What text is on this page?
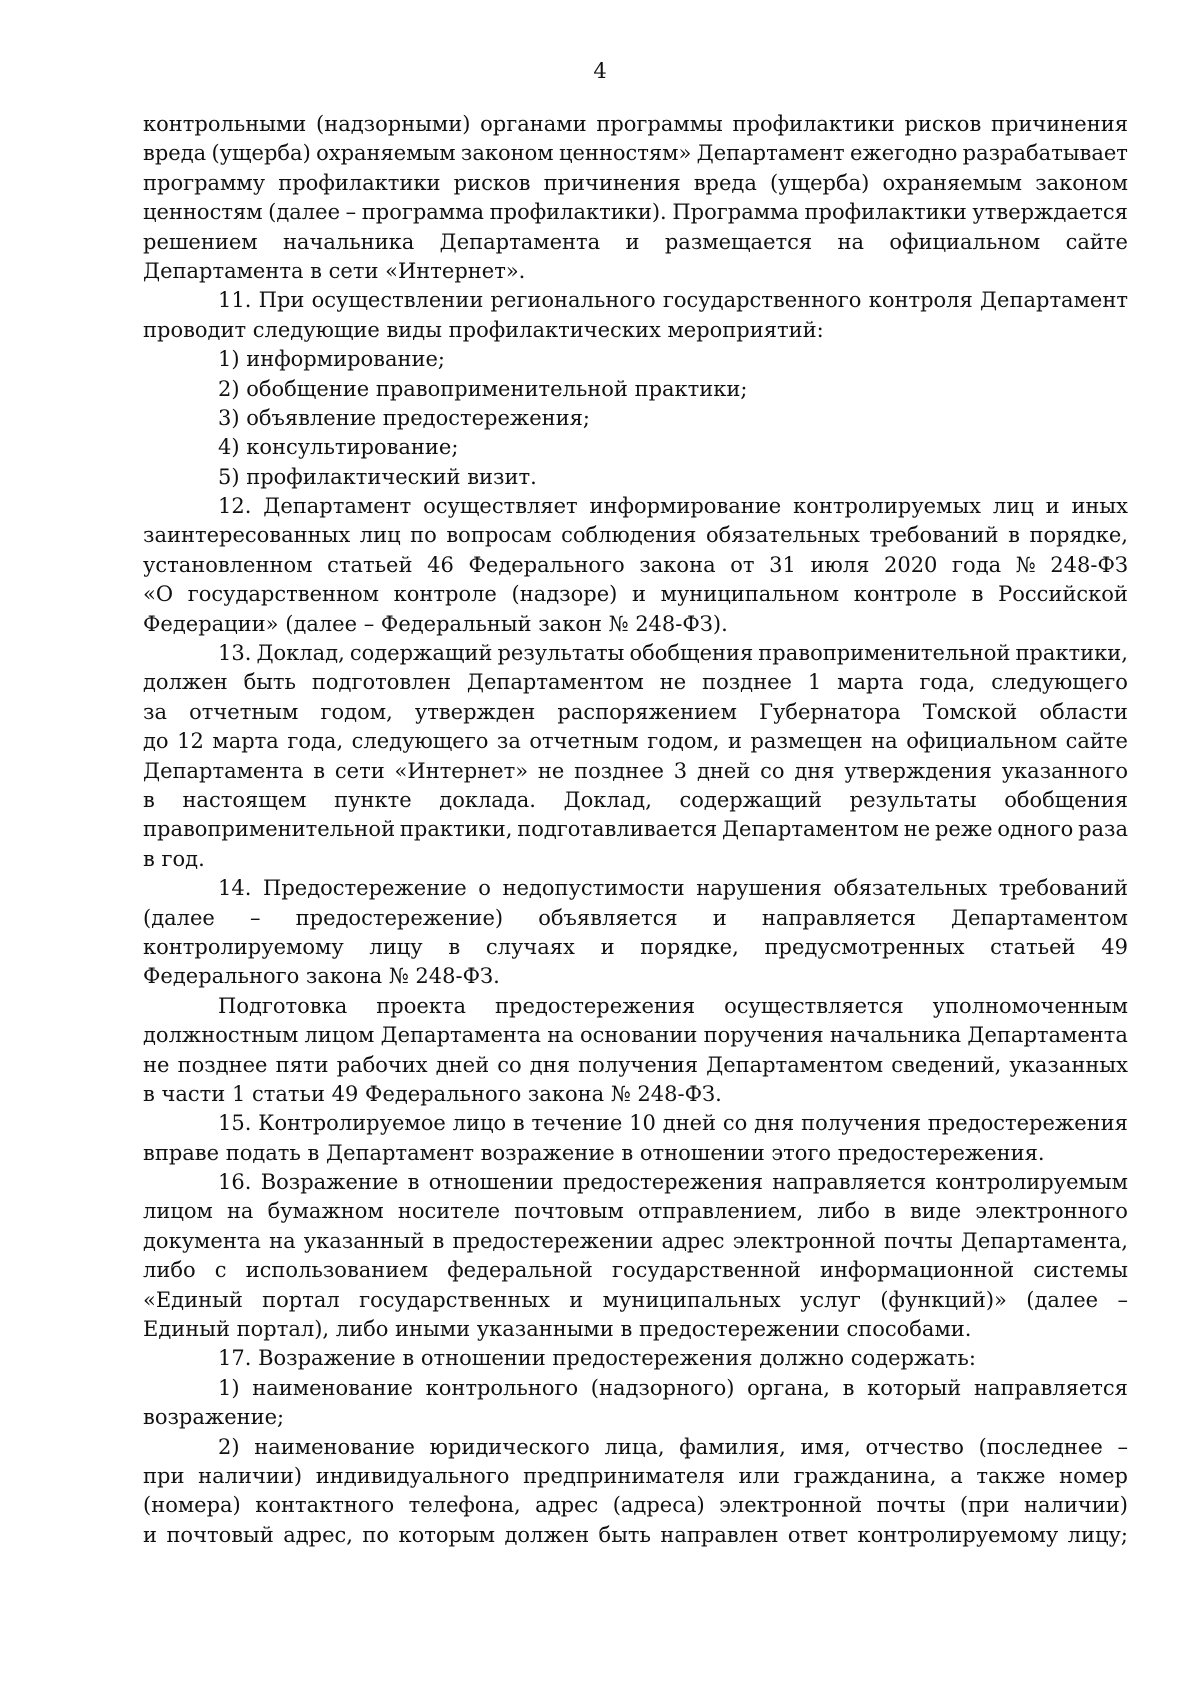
4
контрольными (надзорными) органами программы профилактики рисков причинения
вреда (ущерба) охраняемым законом ценностям» Департамент ежегодно разрабатывает
программу профилактики рисков причинения вреда (ущерба) охраняемым законом
ценностям (далее – программа профилактики). Программа профилактики утверждается
решением начальника Департамента и размещается на официальном сайте
Департамента в сети «Интернет».
11. При осуществлении регионального государственного контроля Департамент
проводит следующие виды профилактических мероприятий:
1) информирование;
2) обобщение правоприменительной практики;
3) объявление предостережения;
4) консультирование;
5) профилактический визит.
12. Департамент осуществляет информирование контролируемых лиц и иных
заинтересованных лиц по вопросам соблюдения обязательных требований в порядке,
установленном статьей 46 Федерального закона от 31 июля 2020 года № 248-ФЗ
«О государственном контроле (надзоре) и муниципальном контроле в Российской
Федерации» (далее – Федеральный закон № 248-ФЗ).
13. Доклад, содержащий результаты обобщения правоприменительной практики,
должен быть подготовлен Департаментом не позднее 1 марта года, следующего
за отчетным годом, утвержден распоряжением Губернатора Томской области
до 12 марта года, следующего за отчетным годом, и размещен на официальном сайте
Департамента в сети «Интернет» не позднее 3 дней со дня утверждения указанного
в настоящем пункте доклада. Доклад, содержащий результаты обобщения
правоприменительной практики, подготавливается Департаментом не реже одного раза
в год.
14. Предостережение о недопустимости нарушения обязательных требований
(далее – предостережение) объявляется и направляется Департаментом
контролируемому лицу в случаях и порядке, предусмотренных статьей 49
Федерального закона № 248-ФЗ.
Подготовка проекта предостережения осуществляется уполномоченным
должностным лицом Департамента на основании поручения начальника Департамента
не позднее пяти рабочих дней со дня получения Департаментом сведений, указанных
в части 1 статьи 49 Федерального закона № 248-ФЗ.
15. Контролируемое лицо в течение 10 дней со дня получения предостережения
вправе подать в Департамент возражение в отношении этого предостережения.
16. Возражение в отношении предостережения направляется контролируемым
лицом на бумажном носителе почтовым отправлением, либо в виде электронного
документа на указанный в предостережении адрес электронной почты Департамента,
либо с использованием федеральной государственной информационной системы
«Единый портал государственных и муниципальных услуг (функций)» (далее –
Единый портал), либо иными указанными в предостережении способами.
17. Возражение в отношении предостережения должно содержать:
1) наименование контрольного (надзорного) органа, в который направляется
возражение;
2) наименование юридического лица, фамилия, имя, отчество (последнее –
при наличии) индивидуального предпринимателя или гражданина, а также номер
(номера) контактного телефона, адрес (адреса) электронной почты (при наличии)
и почтовый адрес, по которым должен быть направлен ответ контролируемому лицу;
